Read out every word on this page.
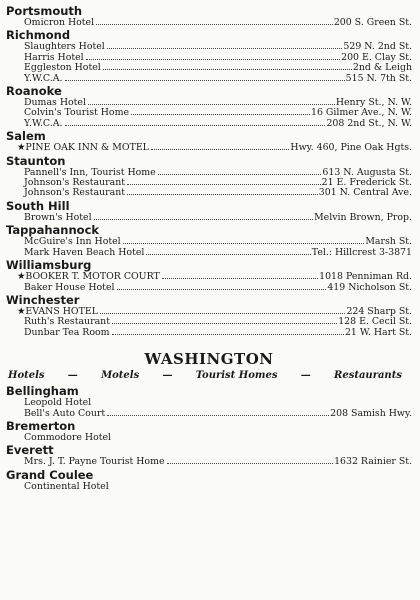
Portsmouth
Omicron Hotel	200 S. Green St.
Richmond
Slaughters Hotel	529 N. 2nd St.
Harris Hotel	200 E. Clay St.
Eggleston Hotel	2nd & Leigh
Y.W.C.A.	515 N. 7th St.
Roanoke
Dumas Hotel	Henry St., N. W.
Colvin's Tourist Home	16 Gilmer Ave., N. W.
Y.W.C.A.	208 2nd St., N. W.
Salem
★PINE OAK INN & MOTEL	Hwy. 460, Pine Oak Hgts.
Staunton
Pannell's Inn, Tourist Home	613 N. Augusta St.
Johnson's Restaurant	21 E. Frederick St.
Johnson's Restaurant	301 N. Central Ave.
South Hill
Brown's Hotel	Melvin Brown, Prop.
Tappahannock
McGuire's Inn Hotel	Marsh St.
Mark Haven Beach Hotel	Tel.: Hillcrest 3-3871
Williamsburg
★BOOKER T. MOTOR COURT	1018 Penniman Rd.
Baker House Hotel	419 Nicholson St.
Winchester
★EVANS HOTEL	224 Sharp St.
Ruth's Restaurant	128 E. Cecil St.
Dunbar Tea Room	21 W. Hart St.
WASHINGTON
Hotels — Motels — Tourist Homes — Restaurants
Bellingham
Leopold Hotel
Bell's Auto Court	208 Samish Hwy.
Bremerton
Commodore Hotel
Everett
Mrs. J. T. Payne Tourist Home	1632 Rainier St.
Grand Coulee
Continental Hotel
